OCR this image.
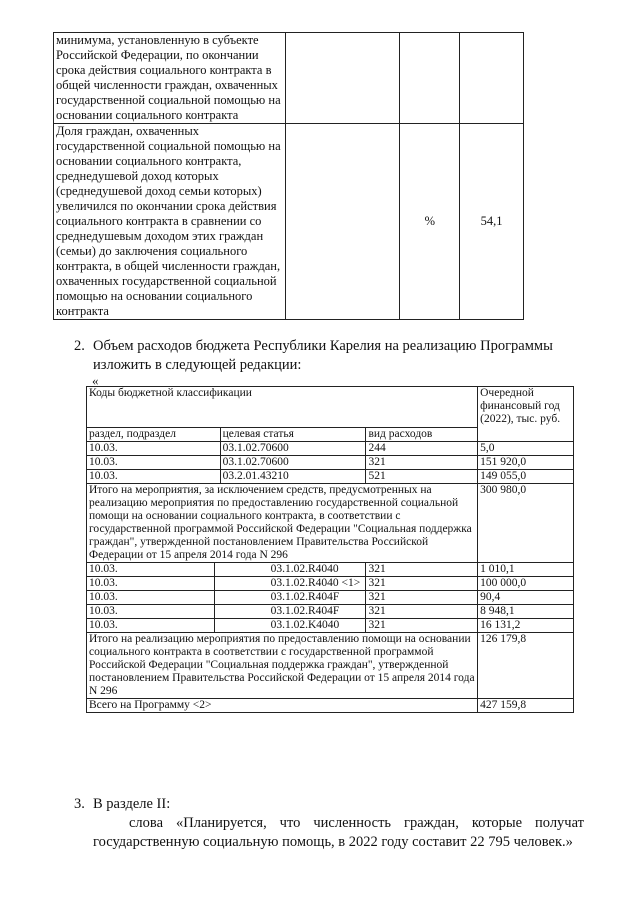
минимума, установленную в субъекте Российской Федерации, по окончании срока действия социального контракта в общей численности граждан, охваченных государственной социальной помощью на основании социального контракта			
Доля граждан, охваченных государственной социальной помощью на основании социального контракта, среднедушевой доход которых (среднедушевой доход семьи которых) увеличился по окончании срока действия социального контракта в сравнении со среднедушевым доходом этих граждан (семьи) до заключения социального контракта, в общей численности граждан, охваченных государственной социальной помощью на основании социального контракта		%	54,1
2. Объем расходов бюджета Республики Карелия на реализацию Программы изложить в следующей редакции:
«
Коды бюджетной классификации				Очередной финансовый год (2022), тыс. руб.
раздел, подраздел		целевая статья	вид расходов	
10.03.		03.1.02.70600	244	5,0
10.03.		03.1.02.70600	321	151 920,0
10.03.		03.2.01.43210	521	149 055,0
Итого на мероприятия, за исключением средств, предусмотренных на реализацию мероприятия по предоставлению государственной социальной помощи на основании социального контракта, в соответствии с государственной программой Российской Федерации "Социальная поддержка граждан", утвержденной постановлением Правительства Российской Федерации от 15 апреля 2014 года N 296				300 980,0
10.03.	03.1.02.R4040		321	1 010,1
10.03.	03.1.02.R4040 <1>		321	100 000,0
10.03.	03.1.02.R404F		321	90,4
10.03.	03.1.02.R404F		321	8 948,1
10.03.	03.1.02.K4040		321	16 131,2
Итого на реализацию мероприятия по предоставлению помощи на основании социального контракта в соответствии с государственной программой Российской Федерации "Социальная поддержка граждан", утвержденной постановлением Правительства Российской Федерации от 15 апреля 2014 года N 296				126 179,8
Всего на Программу <2>				427 159,8
3. В разделе II:
слова «Планируется, что численность граждан, которые получат
государственную социальную помощь, в 2022 году составит 22 795 человек.»
